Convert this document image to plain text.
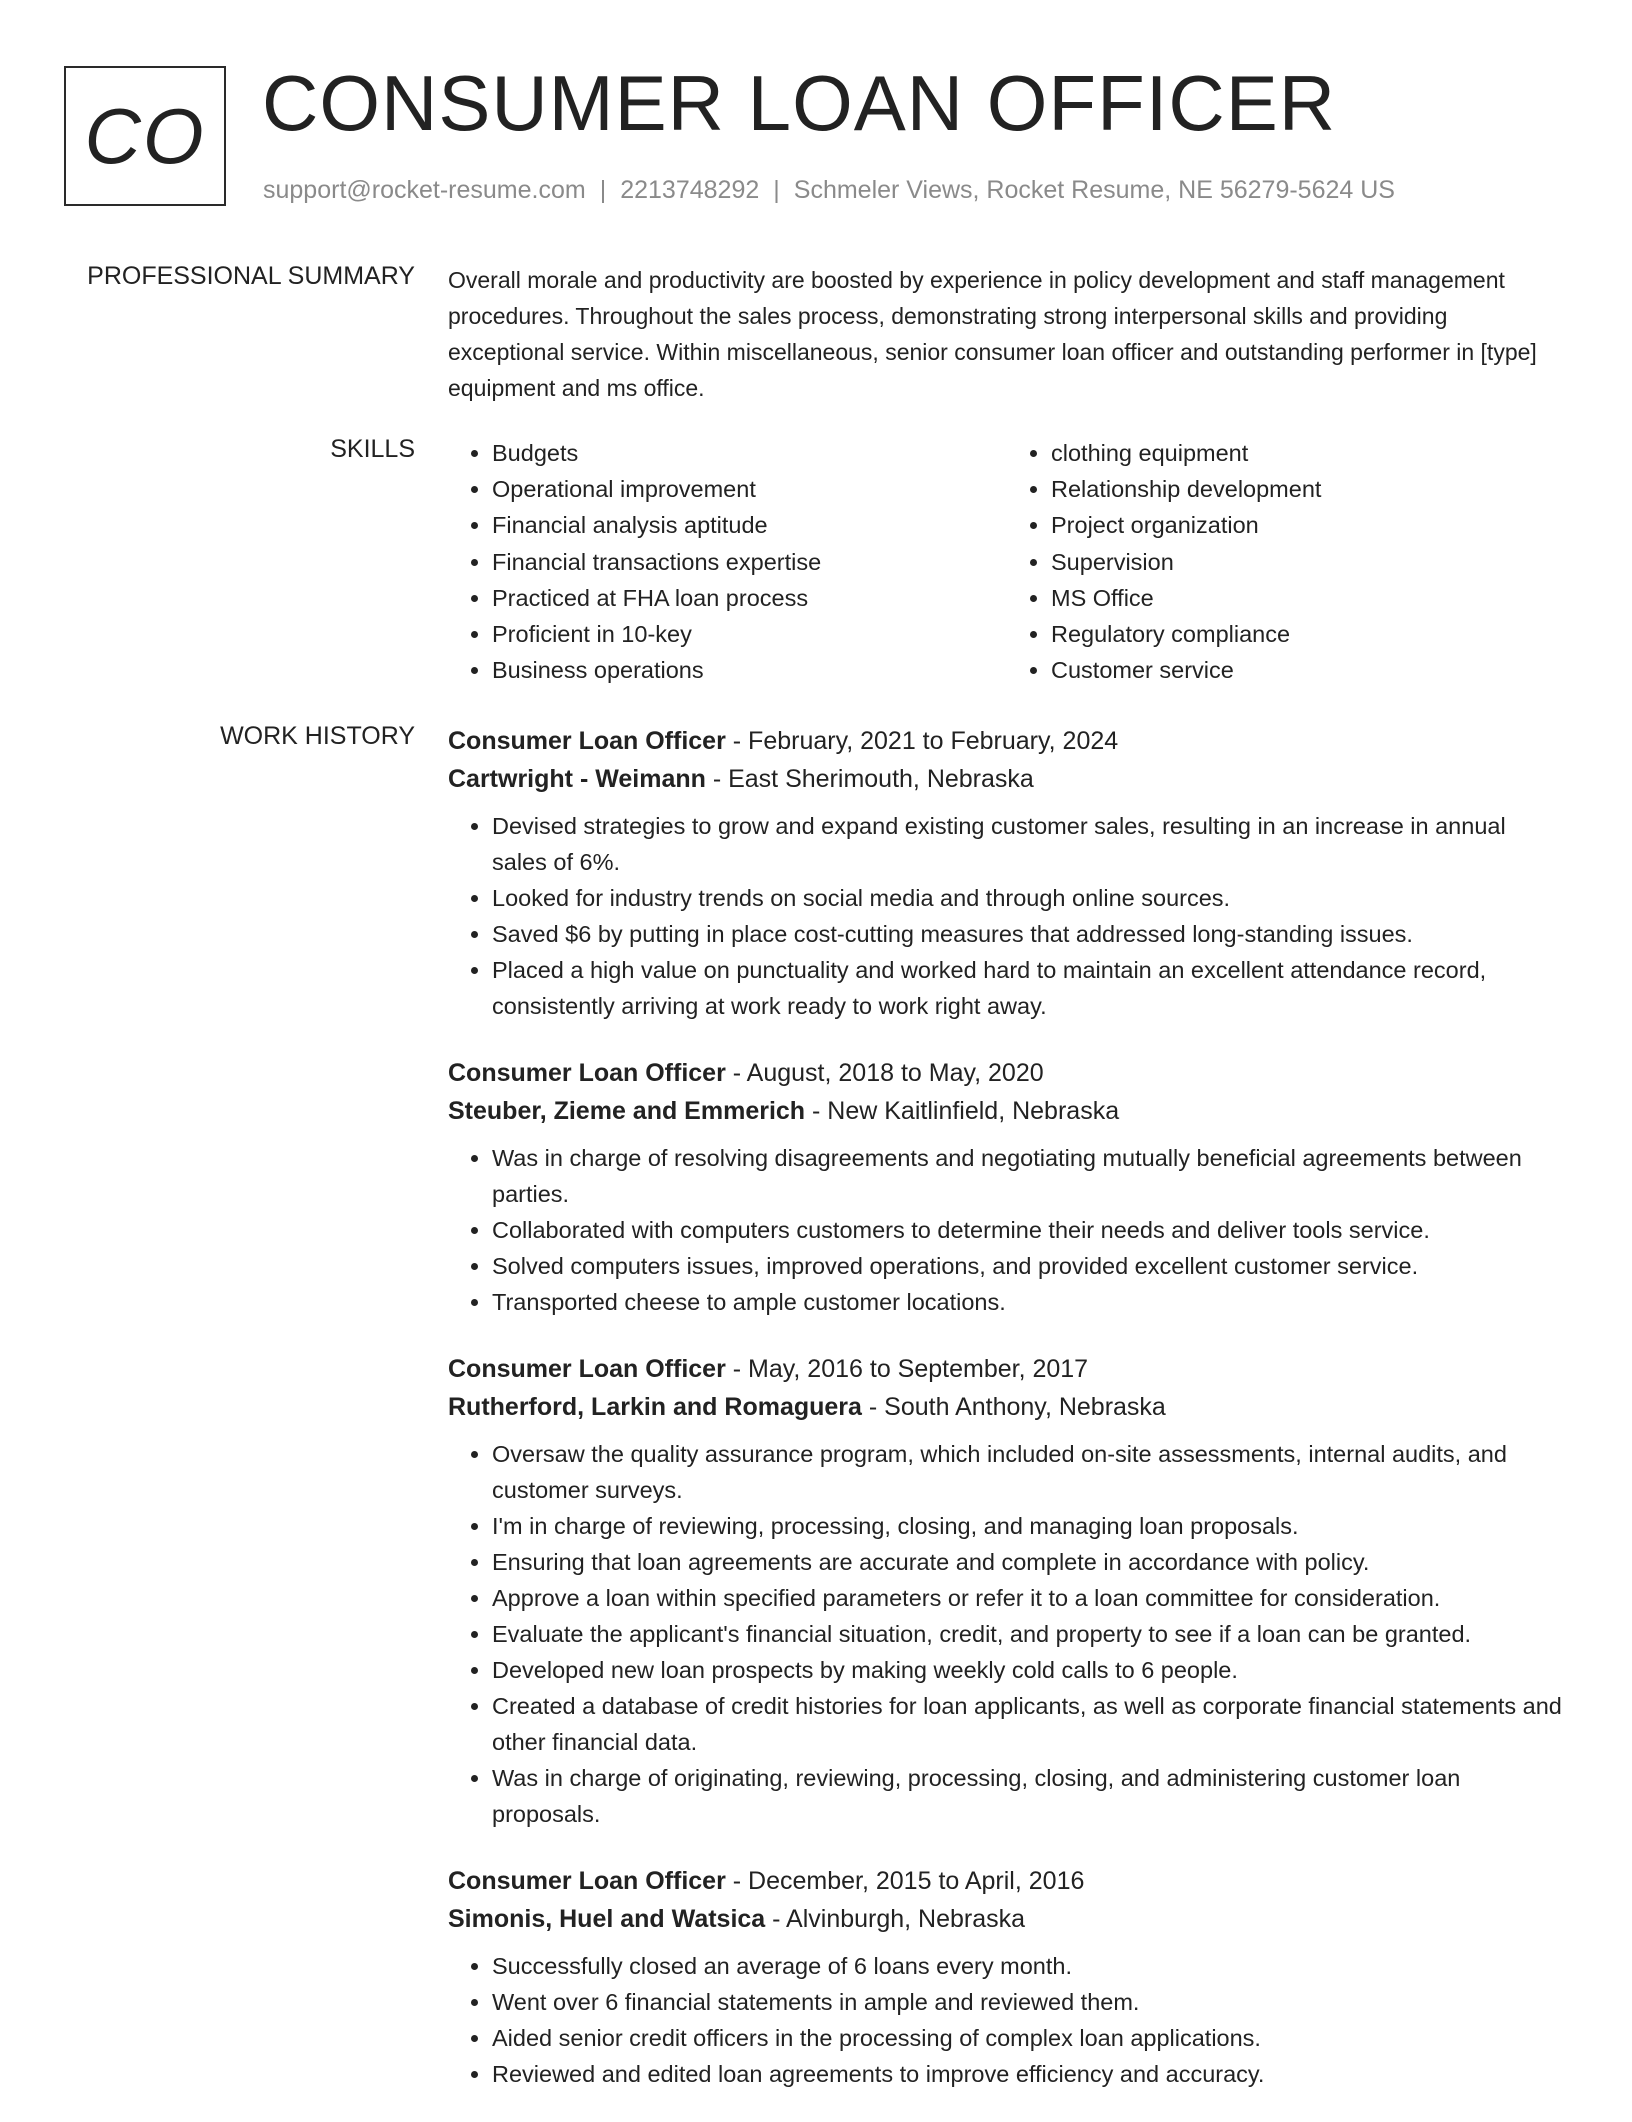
CO CONSUMER LOAN OFFICER
support@rocket-resume.com | 2213748292 | Schmeler Views, Rocket Resume, NE 56279-5624 US
PROFESSIONAL SUMMARY Overall morale and productivity are boosted by experience in policy development and staff management procedures. Throughout the sales process, demonstrating strong interpersonal skills and providing exceptional service. Within miscellaneous, senior consumer loan officer and outstanding performer in [type] equipment and ms office.

SKILLS
•	Budgets
• Operational improvement
• Financial analysis aptitude
• Financial transactions expertise
• Practiced at FHA loan process
• Proficient in 10-key
• Business operations
• clothing equipment
• Relationship development
• Project organization
• Supervision
• MS Office
• Regulatory compliance
• Customer service
WORK HISTORY Consumer Loan Officer - February, 2021 to February, 2024
Cartwright - Weimann - East Sherimouth, Nebraska
• Devised strategies to grow and expand existing customer sales, resulting in an increase in annual sales of 6%.
• Looked for industry trends on social media and through online sources.
• Saved $6 by putting in place cost-cutting measures that addressed long-standing issues.
• Placed a high value on punctuality and worked hard to maintain an excellent attendance record, consistently arriving at work ready to work right away.
Consumer Loan Officer - August, 2018 to May, 2020
Steuber, Zieme and Emmerich - New Kaitlinfield, Nebraska
• Was in charge of resolving disagreements and negotiating mutually beneficial agreements between parties.
• Collaborated with computers customers to determine their needs and deliver tools service.
• Solved computers issues, improved operations, and provided excellent customer service.
• Transported cheese to ample customer locations.
Consumer Loan Officer - May, 2016 to September, 2017
Rutherford, Larkin and Romaguera - South Anthony, Nebraska
• Oversaw the quality assurance program, which included on-site assessments, internal audits, and customer surveys.
• I'm in charge of reviewing, processing, closing, and managing loan proposals.
• Ensuring that loan agreements are accurate and complete in accordance with policy.
• Approve a loan within specified parameters or refer it to a loan committee for consideration.
• Evaluate the applicant's financial situation, credit, and property to see if a loan can be granted.
• Developed new loan prospects by making weekly cold calls to 6 people.
• Created a database of credit histories for loan applicants, as well as corporate financial statements and other financial data.
• Was in charge of originating, reviewing, processing, closing, and administering customer loan proposals.
Consumer Loan Officer - December, 2015 to April, 2016
Simonis, Huel and Watsica - Alvinburgh, Nebraska
• Successfully closed an average of 6 loans every month.
• Went over 6 financial statements in ample and reviewed them.
• Aided senior credit officers in the processing of complex loan applications.
• Reviewed and edited loan agreements to improve efficiency and accuracy.
